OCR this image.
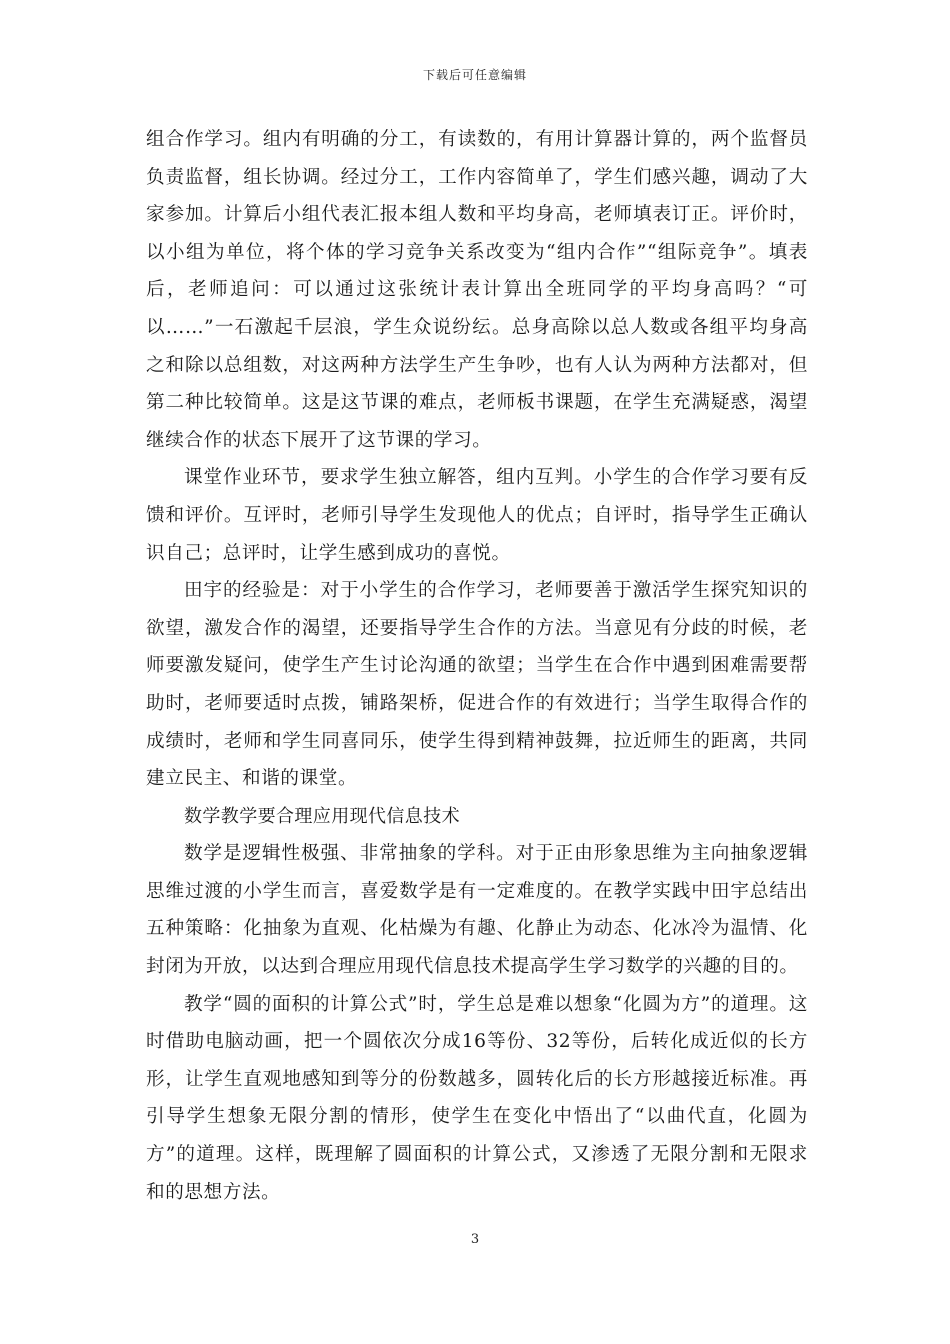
下载后可任意编辑

组合作学习。组内有明确的分工，有读数的，有用计算器计算的，两个监督员负责监督，组长协调。经过分工，工作内容简单了，学生们感兴趣，调动了大家参加。计算后小组代表汇报本组人数和平均身高，老师填表订正。评价时，以小组为单位，将个体的学习竞争关系改变为“组内合作”“组际竞争”。填表后，老师追问：可以通过这张统计表计算出全班同学的平均身高吗？“可以……”一石激起千层浪，学生众说纷纭。总身高除以总人数或各组平均身高之和除以总组数，对这两种方法学生产生争吵，也有人认为两种方法都对，但第二种比较简单。这是这节课的难点，老师板书课题，在学生充满疑惑，渴望继续合作的状态下展开了这节课的学习。

课堂作业环节，要求学生独立解答，组内互判。小学生的合作学习要有反馈和评价。互评时，老师引导学生发现他人的优点；自评时，指导学生正确认识自己；总评时，让学生感到成功的喜悦。

田宇的经验是：对于小学生的合作学习，老师要善于激活学生探究知识的欲望，激发合作的渴望，还要指导学生合作的方法。当意见有分歧的时候，老师要激发疑问，使学生产生讨论沟通的欲望；当学生在合作中遇到困难需要帮助时，老师要适时点拨，铺路架桥，促进合作的有效进行；当学生取得合作的成绩时，老师和学生同喜同乐，使学生得到精神鼓舞，拉近师生的距离，共同建立民主、和谐的课堂。

数学教学要合理应用现代信息技术

数学是逻辑性极强、非常抽象的学科。对于正由形象思维为主向抽象逻辑思维过渡的小学生而言，喜爱数学是有一定难度的。在教学实践中田宇总结出五种策略：化抽象为直观、化枯燥为有趣、化静止为动态、化冰冷为温情、化封闭为开放，以达到合理应用现代信息技术提高学生学习数学的兴趣的目的。

教学“圆的面积的计算公式”时，学生总是难以想象“化圆为方”的道理。这时借助电脑动画，把一个圆依次分成16等份、32等份，后转化成近似的长方形，让学生直观地感知到等分的份数越多，圆转化后的长方形越接近标准。再引导学生想象无限分割的情形，使学生在变化中悟出了“以曲代直，化圆为方”的道理。这样，既理解了圆面积的计算公式，又渗透了无限分割和无限求和的思想方法。

3
